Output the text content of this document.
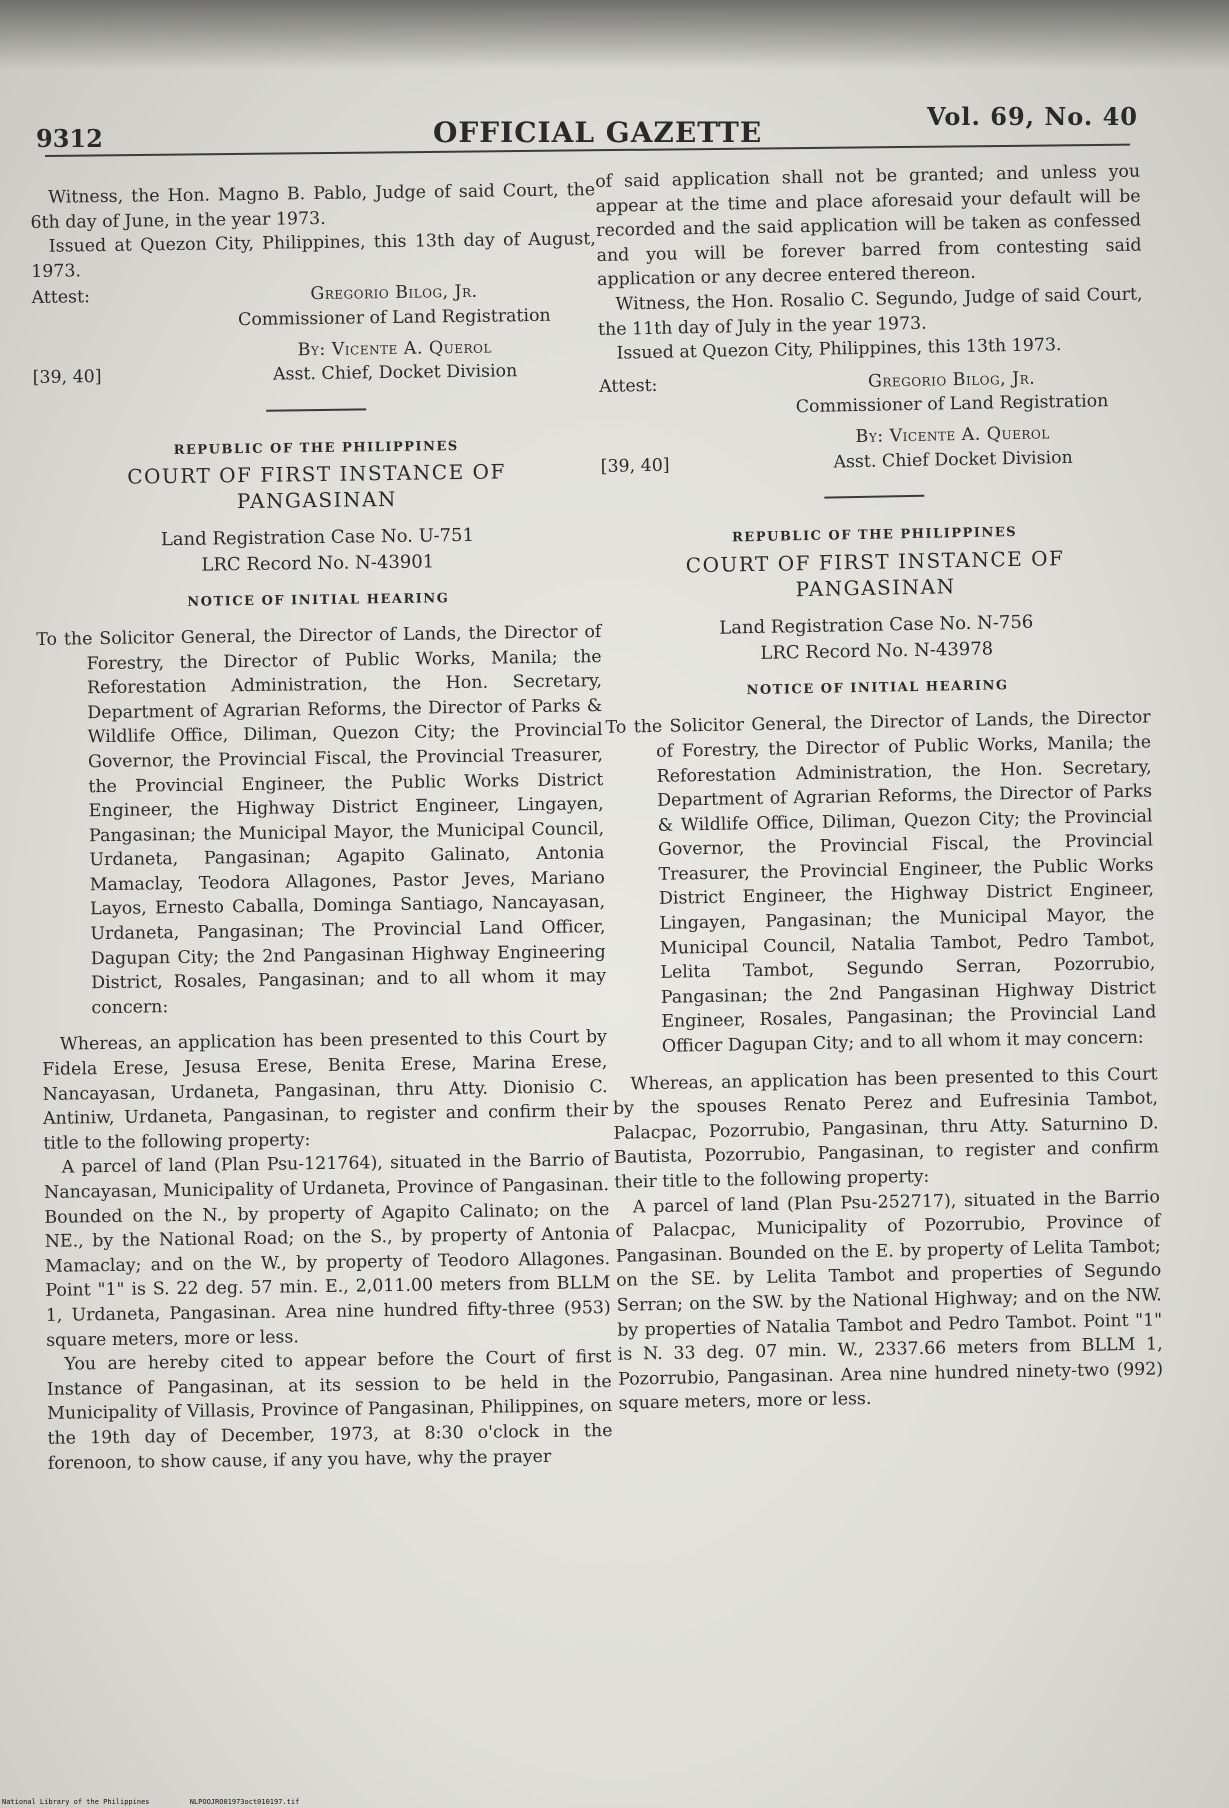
9312	OFFICIAL GAZETTE	Vol. 69, No. 40

Witness, the Hon. Magno B. Pablo, Judge of said Court, the 6th day of June, in the year 1973.

Issued at Quezon City, Philippines, this 13th day of August, 1973.

Attest:	Gregorio Bilog, Jr.
Commissioner of Land Registration
[39, 40]
By: Vicente A. Querol
Asst. Chief, Docket Division
REPUBLIC OF THE PHILIPPINES
COURT OF FIRST INSTANCE OF
PANGASINAN
Land Registration Case No. U-751
LRC Record No. N-43901
NOTICE OF INITIAL HEARING

To the Solicitor General, the Director of Lands, the Director of Forestry, the Director of Public Works, Manila; the Reforestation Administration, the Hon. Secretary, Department of Agrarian Reforms, the Director of Parks & Wildlife Office, Diliman, Quezon City; the Provincial Governor, the Provincial Fiscal, the Provincial Treasurer, the Provincial Engineer, the Public Works District Engineer, the Highway District Engineer, Lingayen, Pangasinan; the Municipal Mayor, the Municipal Council, Urdaneta, Pangasinan; Agapito Galinato, Antonia Mamaclay, Teodora Allagones, Pastor Jeves, Mariano Layos, Ernesto Caballa, Dominga Santiago, Nancayasan, Urdaneta, Pangasinan; The Provincial Land Officer, Dagupan City; the 2nd Pangasinan Highway Engineering District, Rosales, Pangasinan; and to all whom it may concern:

Whereas, an application has been presented to this Court by Fidela Erese, Jesusa Erese, Benita Erese, Marina Erese, Nancayasan, Urdaneta, Pangasinan, thru Atty. Dionisio C. Antiniw, Urdaneta, Pangasinan, to register and confirm their title to the following property:

A parcel of land (Plan Psu-121764), situated in the Barrio of Nancayasan, Municipality of Urdaneta, Province of Pangasinan. Bounded on the N., by property of Agapito Calinato; on the NE., by the National Road; on the S., by property of Antonia Mamaclay; and on the W., by property of Teodoro Allagones. Point "1" is S. 22 deg. 57 min. E., 2,011.00 meters from BLLM 1, Urdaneta, Pangasinan. Area nine hundred fifty-three (953) square meters, more or less.

You are hereby cited to appear before the Court of first Instance of Pangasinan, at its session to be held in the Municipality of Villasis, Province of Pangasinan, Philippines, on the 19th day of December, 1973, at 8:30 o'clock in the forenoon, to show cause, if any you have, why the prayer

of said application shall not be granted; and unless you appear at the time and place aforesaid your default will be recorded and the said application will be taken as confessed and you will be forever barred from contesting said application or any decree entered thereon.

Witness, the Hon. Rosalio C. Segundo, Judge of said Court, the 11th day of July in the year 1973.

Issued at Quezon City, Philippines, this 13th 1973.

Attest:	Gregorio Bilog, Jr.
Commissioner of Land Registration
[39, 40]
By: Vicente A. Querol
Asst. Chief Docket Division
REPUBLIC OF THE PHILIPPINES
COURT OF FIRST INSTANCE OF
PANGASINAN
Land Registration Case No. N-756
LRC Record No. N-43978
NOTICE OF INITIAL HEARING

To the Solicitor General, the Director of Lands, the Director of Forestry, the Director of Public Works, Manila; the Reforestation Administration, the Hon. Secretary, Department of Agrarian Reforms, the Director of Parks & Wildlife Office, Diliman, Quezon City; the Provincial Governor, the Provincial Fiscal, the Provincial Treasurer, the Provincial Engineer, the Public Works District Engineer, the Highway District Engineer, Lingayen, Pangasinan; the Municipal Mayor, the Municipal Council, Natalia Tambot, Pedro Tambot, Lelita Tambot, Segundo Serran, Pozorrubio, Pangasinan; the 2nd Pangasinan Highway District Engineer, Rosales, Pangasinan; the Provincial Land Officer Dagupan City; and to all whom it may concern:

Whereas, an application has been presented to this Court by the spouses Renato Perez and Eufresinia Tambot, Palacpac, Pozorrubio, Pangasinan, thru Atty. Saturnino D. Bautista, Pozorrubio, Pangasinan, to register and confirm their title to the following property:

A parcel of land (Plan Psu-252717), situated in the Barrio of Palacpac, Municipality of Pozorrubio, Province of Pangasinan. Bounded on the E. by property of Lelita Tambot; on the SE. by Lelita Tambot and properties of Segundo Serran; on the SW. by the National Highway; and on the NW. by properties of Natalia Tambot and Pedro Tambot. Point "1" is N. 33 deg. 07 min. W., 2337.66 meters from BLLM 1, Pozorrubio, Pangasinan. Area nine hundred ninety-two (992) square meters, more or less.

National Library of the Philippines	NLPOOJRO01973oct010197.tif
